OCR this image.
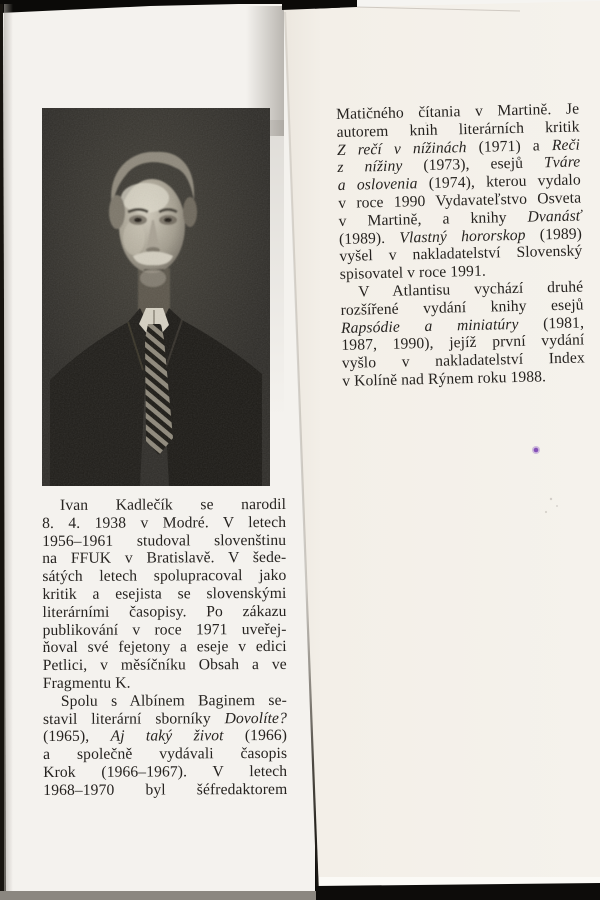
Ivan Kadlečík se narodil
8. 4. 1938 v Modré. V letech
1956–1961 studoval slovenštinu
na FFUK v Bratislavě. V šede-
sátých letech spolupracoval jako
kritik a esejista se slovenskými
literárními časopisy. Po zákazu
publikování v roce 1971 uveřej-
ňoval své fejetony a eseje v edici
Petlici, v měsíčníku Obsah a ve
Fragmentu K.
Spolu s Albínem Baginem se-
stavil literární sborníky Dovolíte?
(1965), Aj taký život (1966)
a společně vydávali časopis
Krok (1966–1967). V letech
1968–1970 byl šéfredaktorem
Matičného čítania v Martině. Je
autorem knih literárních kritik
Z rečí v nížinách (1971) a Reči
z nížiny (1973), esejů Tváre
a oslovenia (1974), kterou vydalo
v roce 1990 Vydavateľstvo Osveta
v Martině, a knihy Dvanásť
(1989). Vlastný hororskop (1989)
vyšel v nakladatelství Slovenský
spisovatel v roce 1991.
V Atlantisu vychází druhé
rozšířené vydání knihy esejů
Rapsódie a miniatúry (1981,
1987, 1990), jejíž první vydání
vyšlo v nakladatelství Index
v Kolíně nad Rýnem roku 1988.
